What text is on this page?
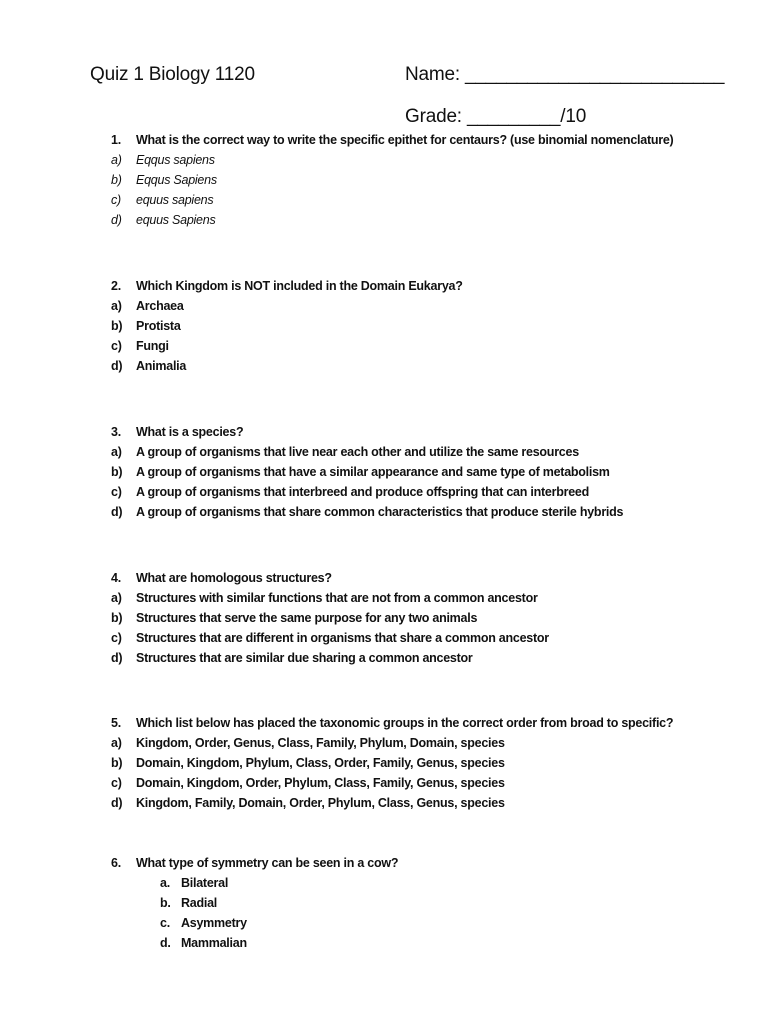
Quiz 1 Biology 1120	Name: _________________________
Grade: _________/10
1. What is the correct way to write the specific epithet for centaurs? (use binomial nomenclature)
a) Eqqus sapiens
b) Eqqus Sapiens
c) equus sapiens
d) equus Sapiens
2. Which Kingdom is NOT included in the Domain Eukarya?
a) Archaea
b) Protista
c) Fungi
d) Animalia
3. What is a species?
a) A group of organisms that live near each other and utilize the same resources
b) A group of organisms that have a similar appearance and same type of metabolism
c) A group of organisms that interbreed and produce offspring that can interbreed
d) A group of organisms that share common characteristics that produce sterile hybrids
4. What are homologous structures?
a) Structures with similar functions that are not from a common ancestor
b) Structures that serve the same purpose for any two animals
c) Structures that are different in organisms that share a common ancestor
d) Structures that are similar due sharing a common ancestor
5. Which list below has placed the taxonomic groups in the correct order from broad to specific?
a) Kingdom, Order, Genus, Class, Family, Phylum, Domain, species
b) Domain, Kingdom, Phylum, Class, Order, Family, Genus, species
c) Domain, Kingdom, Order, Phylum, Class, Family, Genus, species
d) Kingdom, Family, Domain, Order, Phylum, Class, Genus, species
6. What type of symmetry can be seen in a cow?
a. Bilateral
b. Radial
c. Asymmetry
d. Mammalian
